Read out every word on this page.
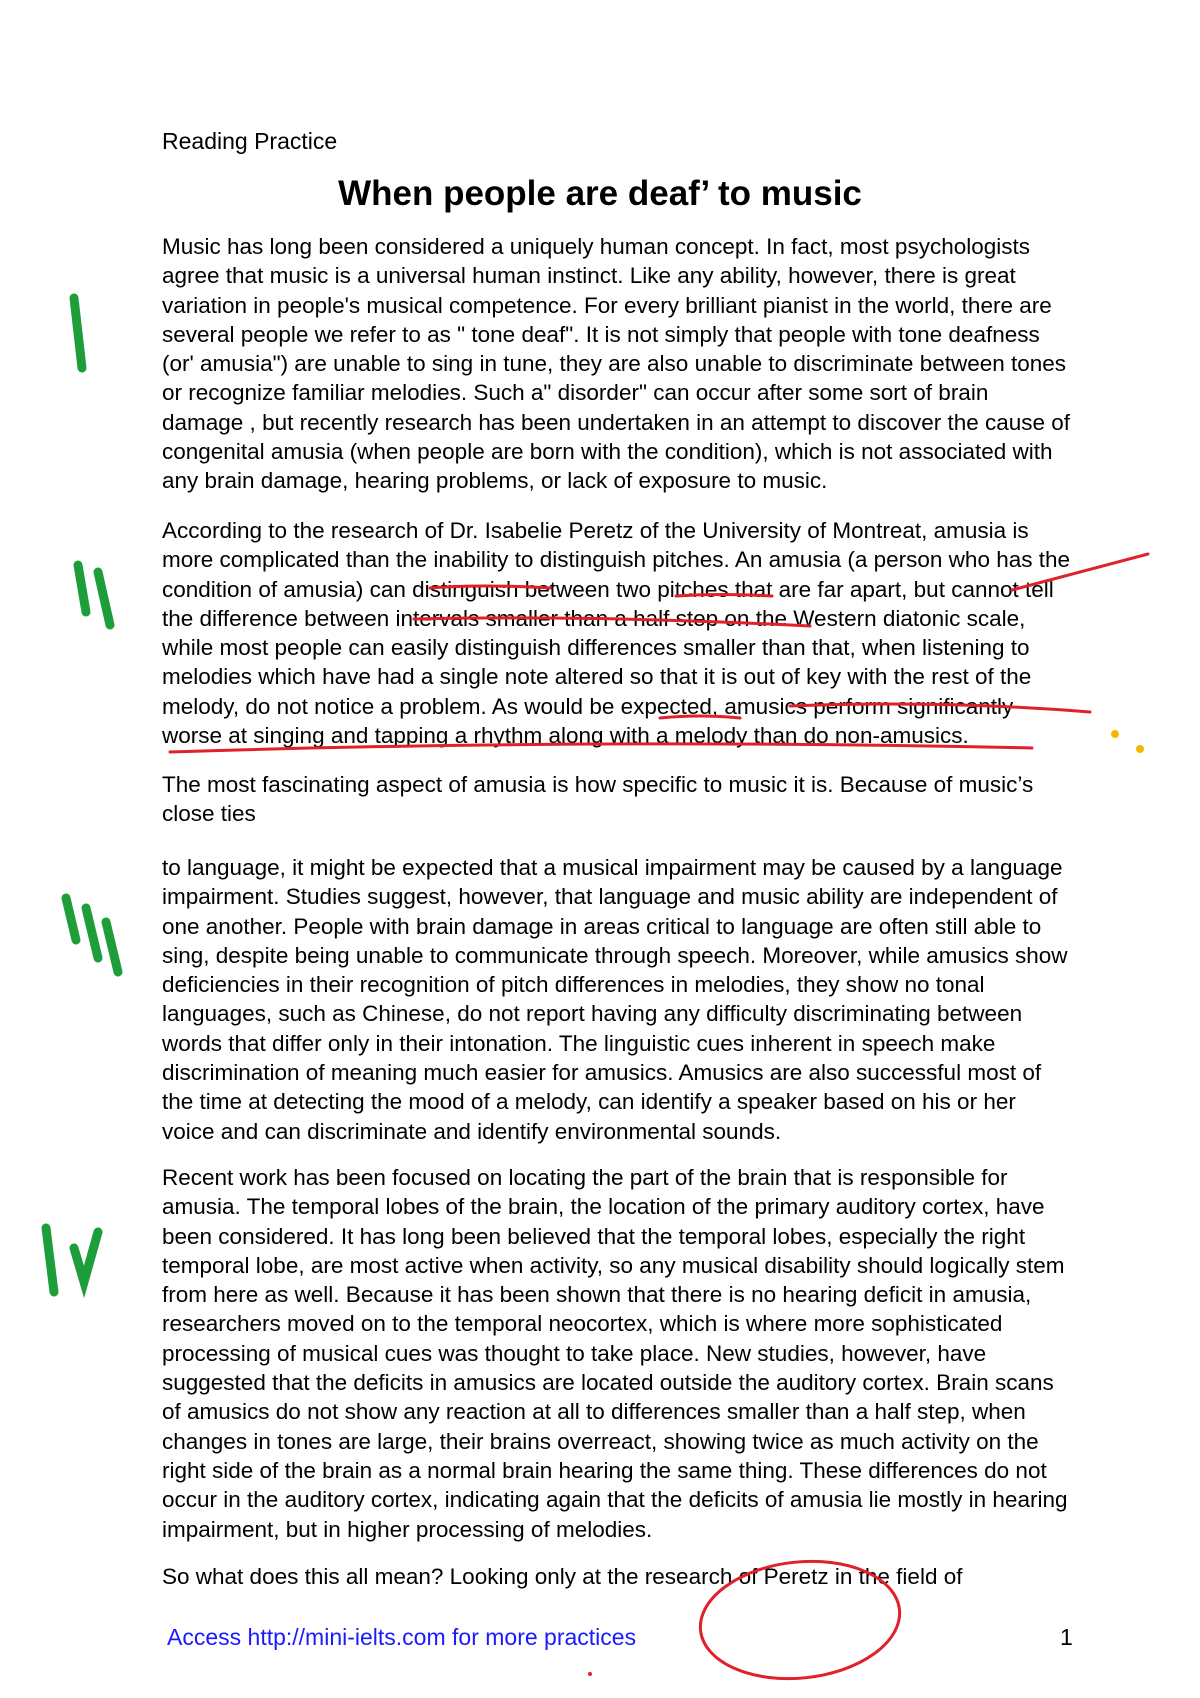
Reading Practice
When people are deaf’ to music

Music has long been considered a uniquely human concept. In fact, most psychologists
agree that music is a universal human instinct. Like any ability, however, there is great
variation in people's musical competence. For every brilliant pianist in the world, there are
several people we refer to as " tone deaf". It is not simply that people with tone deafness
(or' amusia") are unable to sing in tune, they are also unable to discriminate between tones
or recognize familiar melodies. Such a" disorder" can occur after some sort of brain
damage , but recently research has been undertaken in an attempt to discover the cause of
congenital amusia (when people are born with the condition), which is not associated with
any brain damage, hearing problems, or lack of exposure to music.

According to the research of Dr. Isabelie Peretz of the University of Montreat, amusia is
more complicated than the inability to distinguish pitches. An amusia (a person who has the
condition of amusia) can distinguish between two pitches that are far apart, but cannot tell
the difference between intervals smaller than a half step on the Western diatonic scale,
while most people can easily distinguish differences smaller than that, when listening to
melodies which have had a single note altered so that it is out of key with the rest of the
melody, do not notice a problem. As would be expected, amusics perform significantly
worse at singing and tapping a rhythm along with a melody than do non-amusics.

The most fascinating aspect of amusia is how specific to music it is. Because of music’s
close ties

to language, it might be expected that a musical impairment may be caused by a language
impairment. Studies suggest, however, that language and music ability are independent of
one another. People with brain damage in areas critical to language are often still able to
sing, despite being unable to communicate through speech. Moreover, while amusics show
deficiencies in their recognition of pitch differences in melodies, they show no tonal
languages, such as Chinese, do not report having any difficulty discriminating between
words that differ only in their intonation. The linguistic cues inherent in speech make
discrimination of meaning much easier for amusics. Amusics are also successful most of
the time at detecting the mood of a melody, can identify a speaker based on his or her
voice and can discriminate and identify environmental sounds.

Recent work has been focused on locating the part of the brain that is responsible for
amusia. The temporal lobes of the brain, the location of the primary auditory cortex, have
been considered. It has long been believed that the temporal lobes, especially the right
temporal lobe, are most active when activity, so any musical disability should logically stem
from here as well. Because it has been shown that there is no hearing deficit in amusia,
researchers moved on to the temporal neocortex, which is where more sophisticated
processing of musical cues was thought to take place. New studies, however, have
suggested that the deficits in amusics are located outside the auditory cortex. Brain scans
of amusics do not show any reaction at all to differences smaller than a half step, when
changes in tones are large, their brains overreact, showing twice as much activity on the
right side of the brain as a normal brain hearing the same thing. These differences do not
occur in the auditory cortex, indicating again that the deficits of amusia lie mostly in hearing
impairment, but in higher processing of melodies.

So what does this all mean? Looking only at the research of Peretz in the field of

Access http://mini-ielts.com for more practices	1
